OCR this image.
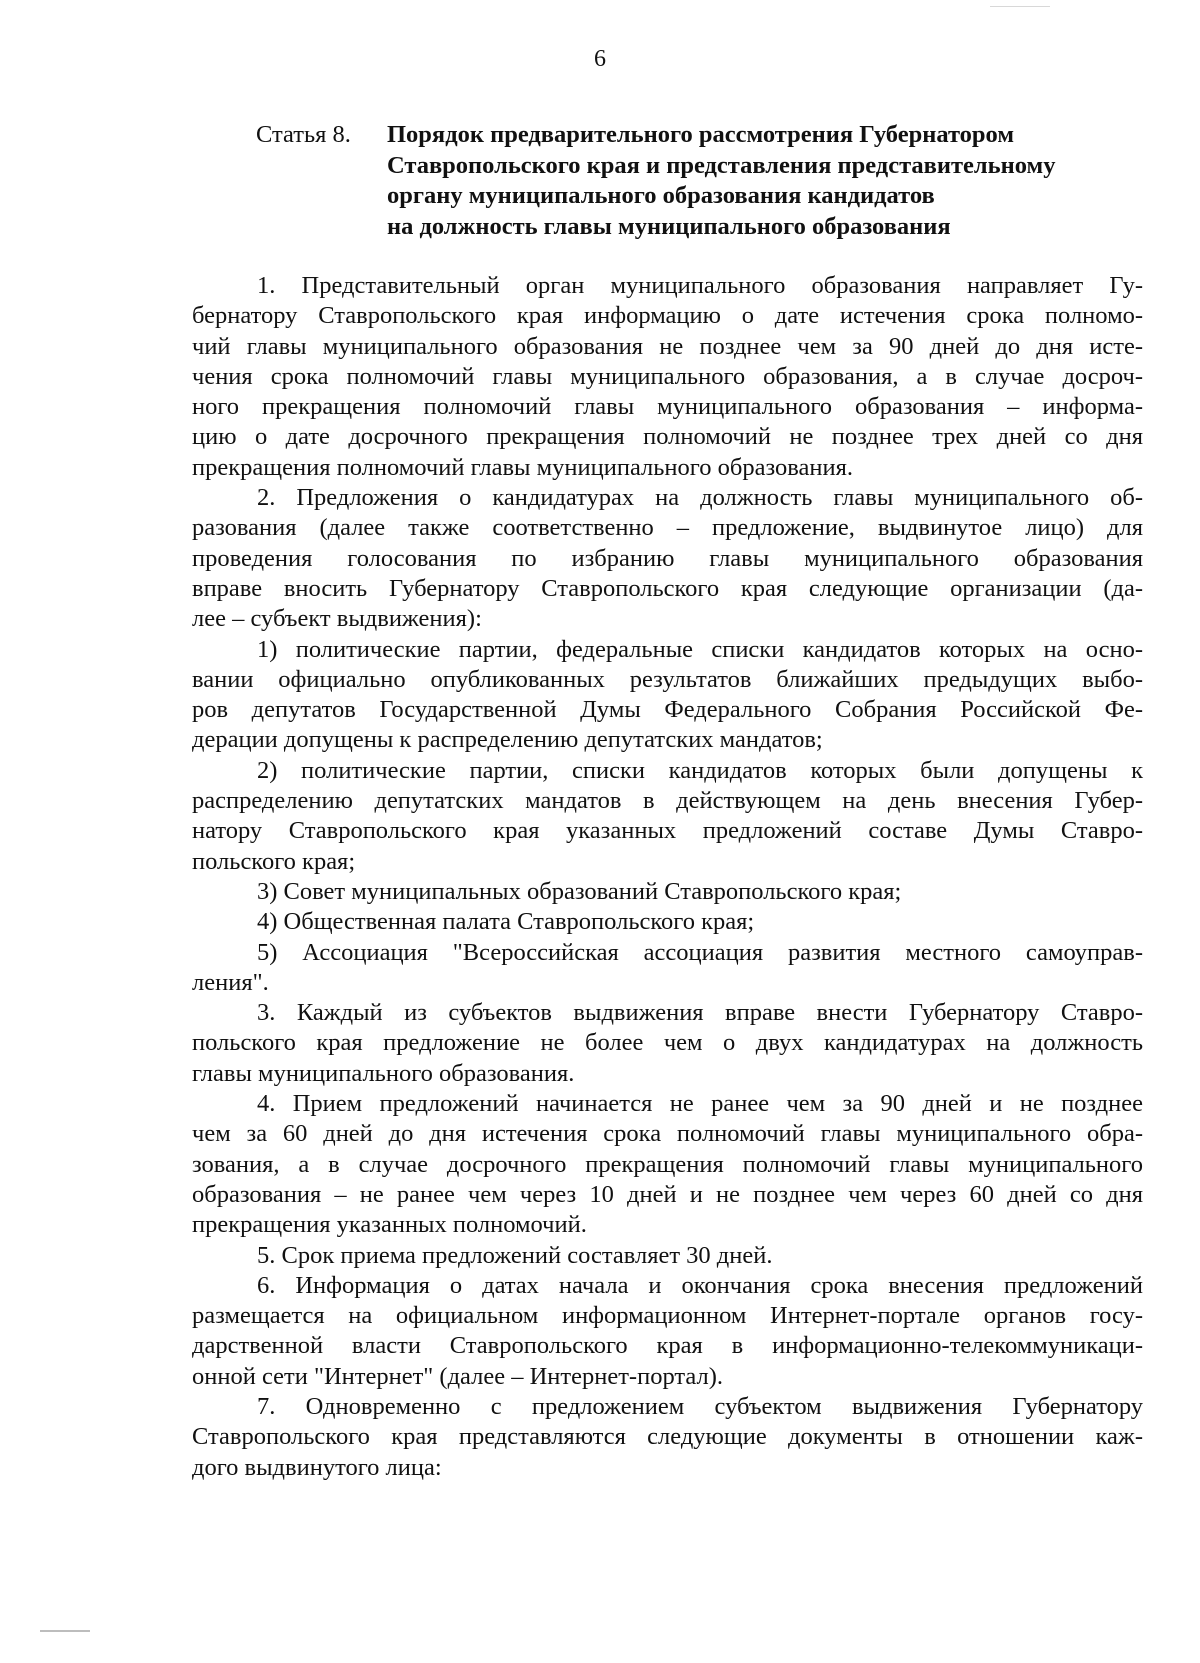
6
Статья 8. Порядок предварительного рассмотрения Губернатором
Ставропольского края и представления представительному
органу муниципального образования кандидатов
на должность главы муниципального образования

1. Представительный орган муниципального образования направляет Гу-
бернатору Ставропольского края информацию о дате истечения срока полномо-
чий главы муниципального образования не позднее чем за 90 дней до дня исте-
чения срока полномочий главы муниципального образования, а в случае досроч-
ного прекращения полномочий главы муниципального образования – информа-
цию о дате досрочного прекращения полномочий не позднее трех дней со дня
прекращения полномочий главы муниципального образования.

2. Предложения о кандидатурах на должность главы муниципального об-
разования (далее также соответственно – предложение, выдвинутое лицо) для
проведения голосования по избранию главы муниципального образования
вправе вносить Губернатору Ставропольского края следующие организации (да-
лее – субъект выдвижения):

1) политические партии, федеральные списки кандидатов которых на осно-
вании официально опубликованных результатов ближайших предыдущих выбо-
ров депутатов Государственной Думы Федерального Собрания Российской Фе-
дерации допущены к распределению депутатских мандатов;

2) политические партии, списки кандидатов которых были допущены к
распределению депутатских мандатов в действующем на день внесения Губер-
натору Ставропольского края указанных предложений составе Думы Ставро-
польского края;

3) Совет муниципальных образований Ставропольского края;

4) Общественная палата Ставропольского края;

5) Ассоциация "Всероссийская ассоциация развития местного самоуправ-
ления".

3. Каждый из субъектов выдвижения вправе внести Губернатору Ставро-
польского края предложение не более чем о двух кандидатурах на должность
главы муниципального образования.

4. Прием предложений начинается не ранее чем за 90 дней и не позднее
чем за 60 дней до дня истечения срока полномочий главы муниципального обра-
зования, а в случае досрочного прекращения полномочий главы муниципального
образования – не ранее чем через 10 дней и не позднее чем через 60 дней со дня
прекращения указанных полномочий.

5. Срок приема предложений составляет 30 дней.

6. Информация о датах начала и окончания срока внесения предложений
размещается на официальном информационном Интернет-портале органов госу-
дарственной власти Ставропольского края в информационно-телекоммуникаци-
онной сети "Интернет" (далее – Интернет-портал).

7. Одновременно с предложением субъектом выдвижения Губернатору
Ставропольского края представляются следующие документы в отношении каж-
дого выдвинутого лица:
